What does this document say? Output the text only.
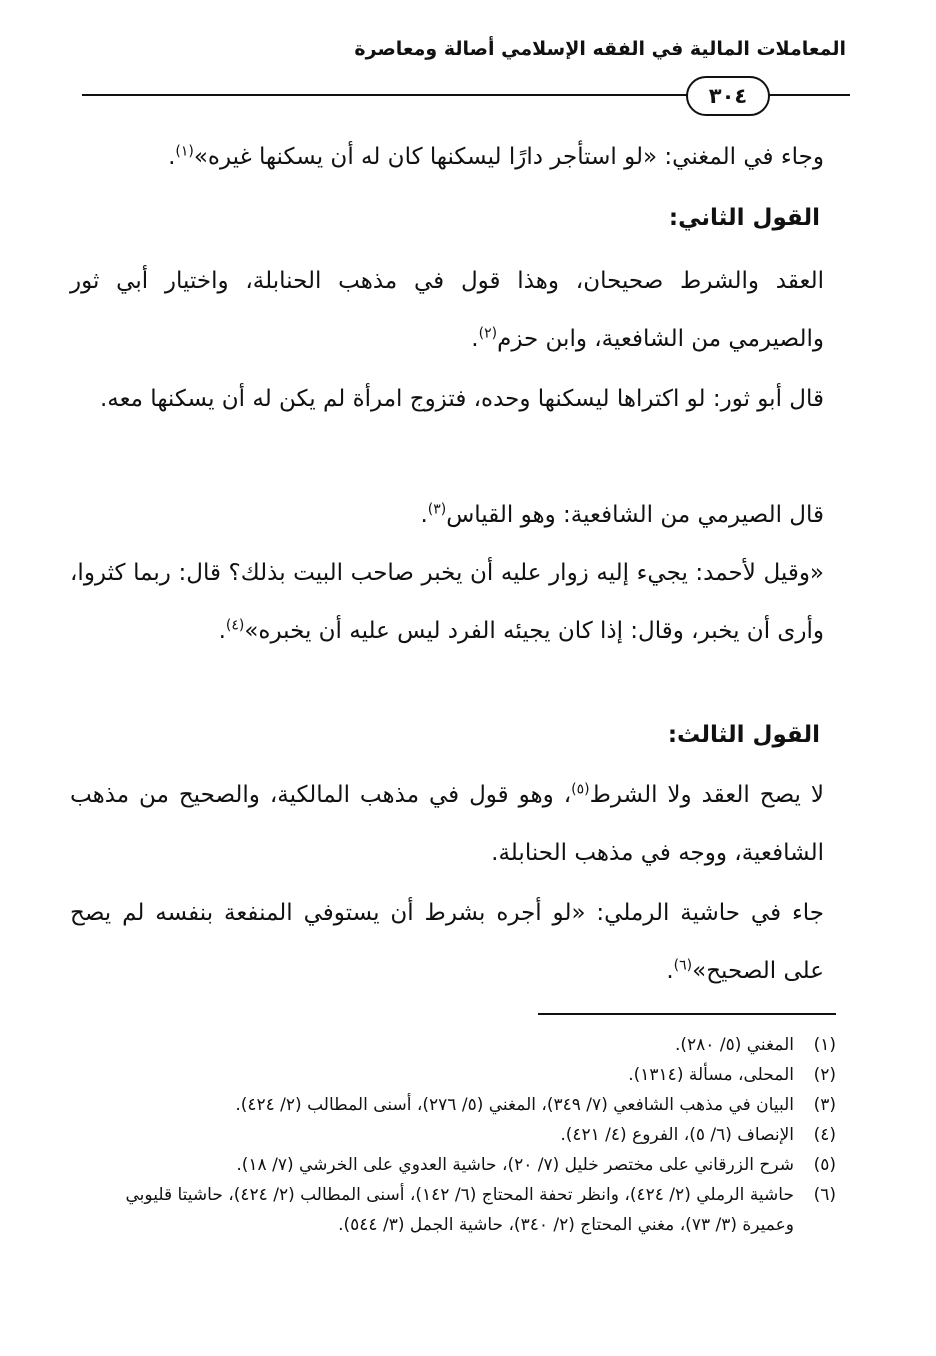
المعاملات المالية في الفقه الإسلامي أصالة ومعاصرة
٣٠٤
وجاء في المغني: «لو استأجر دارًا ليسكنها كان له أن يسكنها غيره»$^{(١)}$.
القول الثاني:
العقد والشرط صحيحان، وهذا قول في مذهب الحنابلة، واختيار أبي ثور والصيرمي من الشافعية، وابن حزم$^{(٢)}$.
قال أبو ثور: لو اكتراها ليسكنها وحده، فتزوج امرأة لم يكن له أن يسكنها معه.
قال الصيرمي من الشافعية: وهو القياس$^{(٣)}$.
«وقيل لأحمد: يجيء إليه زوار عليه أن يخبر صاحب البيت بذلك؟ قال: ربما كثروا، وأرى أن يخبر، وقال: إذا كان يجيئه الفرد ليس عليه أن يخبره»$^{(٤)}$.
القول الثالث:
لا يصح العقد ولا الشرط$^{(٥)}$، وهو قول في مذهب المالكية، والصحيح من مذهب الشافعية، ووجه في مذهب الحنابلة.
جاء في حاشية الرملي: «لو أجره بشرط أن يستوفي المنفعة بنفسه لم يصح على الصحيح»$^{(٦)}$.
(١)
المغني (٥/ ٢٨٠).
(٢)
المحلى، مسألة (١٣١٤).
(٣)
البيان في مذهب الشافعي (٧/ ٣٤٩)، المغني (٥/ ٢٧٦)، أسنى المطالب (٢/ ٤٢٤).
(٤)
الإنصاف (٦/ ٥)، الفروع (٤/ ٤٢١).
(٥)
شرح الزرقاني على مختصر خليل (٧/ ٢٠)، حاشية العدوي على الخرشي (٧/ ١٨).
(٦)
حاشية الرملي (٢/ ٤٢٤)، وانظر تحفة المحتاج (٦/ ١٤٢)، أسنى المطالب (٢/ ٤٢٤)، حاشيتا قليوبي وعميرة (٣/ ٧٣)، مغني المحتاج (٢/ ٣٤٠)، حاشية الجمل (٣/ ٥٤٤).
